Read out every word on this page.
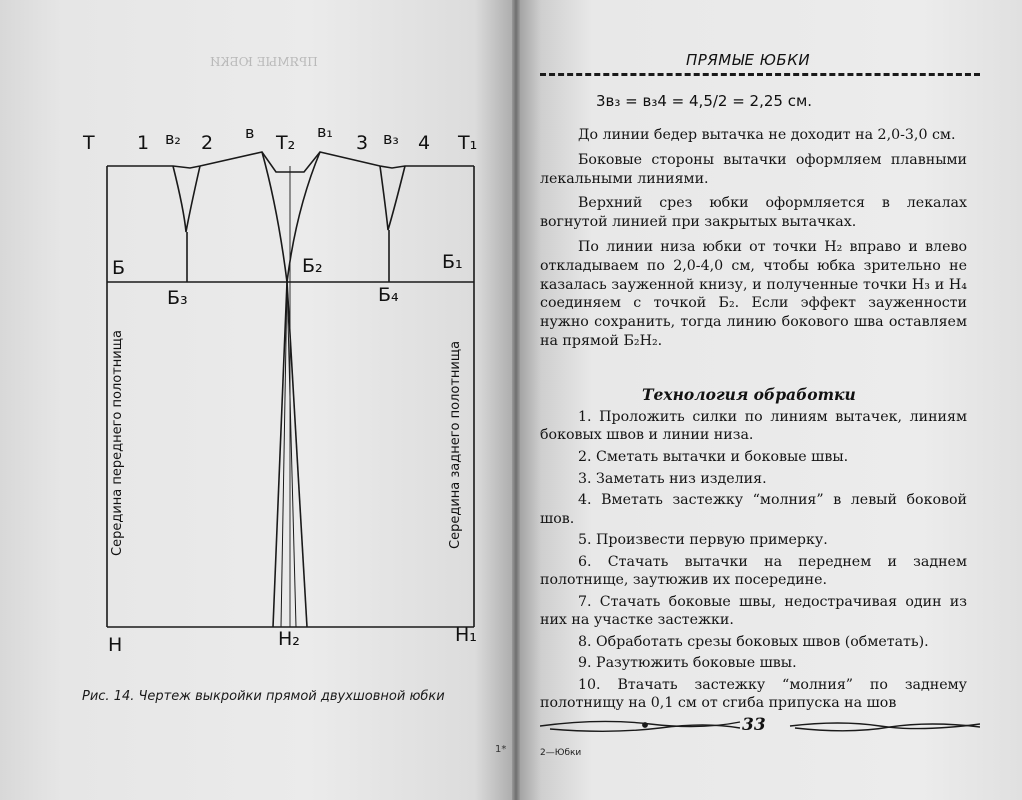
ПРЯМЫЕ ЮБКИ
Т 1 в₂ 2 в Т₂
в₁
3 в₃ 4 Т₁
Б	Б₂	Б₁
Б₃	Б₄
Н	Н₂	Н₁
Середина переднего полотнища	Середина заднего полотнища
Рис. 14. Чертеж выкройки прямой двухшовной юбки
1*
ПРЯМЫЕ ЮБКИ
3в₃ = в₃4 = 4,5/2 = 2,25 см.

До линии бедер вытачка не доходит на 2,0-3,0 см.

Боковые стороны вытачки оформляем плавными лекальными линиями.

Верхний срез юбки оформляется в лекалах вогнутой линией при закрытых вытачках.

По линии низа юбки от точки Н₂ вправо и влево откладываем по 2,0-4,0 см, чтобы юбка зрительно не казалась зауженной книзу, и полученные точки Н₃ и Н₄ соединяем с точкой Б₂. Если эффект зауженности нужно сохранить, тогда линию бокового шва оставляем на прямой Б₂Н₂.

Технология обработки

1. Проложить силки по линиям вытачек, линиям боковых швов и линии низа.

2. Сметать вытачки и боковые швы.

3. Заметать низ изделия.

4. Вметать застежку “молния” в левый боковой шов.

5. Произвести первую примерку.

6. Стачать вытачки на переднем и заднем полотнище, заутюжив их посередине.

7. Стачать боковые швы, недострачивая один из них на участке застежки.

8. Обработать срезы боковых швов (обметать).

9. Разутюжить боковые швы.

10. Втачать застежку “молния” по заднему полотнищу на 0,1 см от сгиба припуска на шов

33
2—Юбки
